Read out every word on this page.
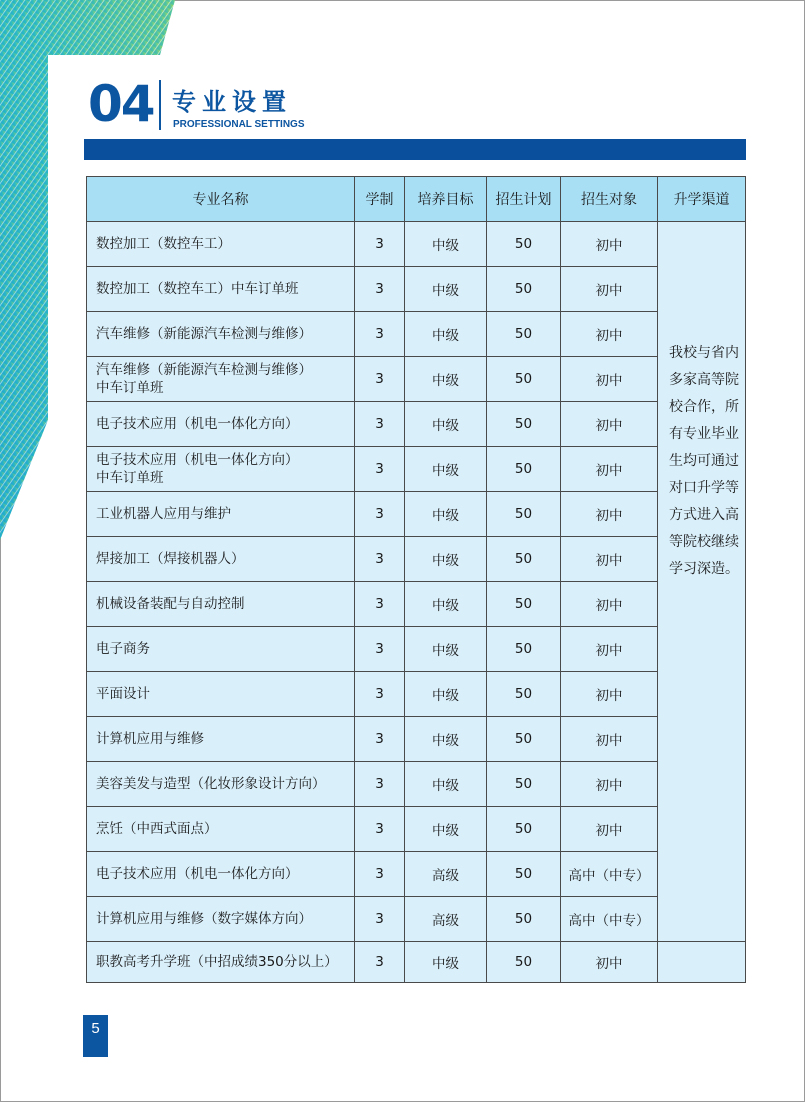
04 专业设置
PROFESSIONAL SETTINGS
专业名称	学制	培养目标	招生计划	招生对象	升学渠道

数控加工（数控车工）	3	中级	50	初中	我校与省内多家高等院校合作，所有专业毕业生均可通过对口升学等方式进入高等院校继续学习深造。

数控加工（数控车工）中车订单班	3	中级	50	初中	

汽车维修（新能源汽车检测与维修）	3	中级	50	初中	

汽车维修（新能源汽车检测与维修）
中车订单班	3	中级	50	初中	

电子技术应用（机电一体化方向）	3	中级	50	初中	

电子技术应用（机电一体化方向）
中车订单班	3	中级	50	初中	

工业机器人应用与维护	3	中级	50	初中	

焊接加工（焊接机器人）	3	中级	50	初中	

机械设备装配与自动控制	3	中级	50	初中	

电子商务	3	中级	50	初中	

平面设计	3	中级	50	初中	

计算机应用与维修	3	中级	50	初中	

美容美发与造型（化妆形象设计方向）	3	中级	50	初中	

烹饪（中西式面点）	3	中级	50	初中	

电子技术应用（机电一体化方向）	3	高级	50	高中（中专）	

计算机应用与维修（数字媒体方向）	3	高级	50	高中（中专）	

职教高考升学班（中招成绩350分以上）	3	中级	50	初中	
5
